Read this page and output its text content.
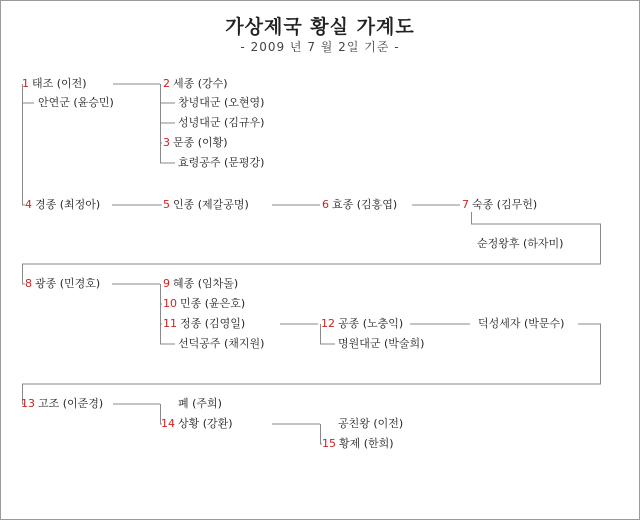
가상제국 황실 가계도
- 2009 년 7 월 2일 기준 -
1 태조 (이전)
안연군 (윤승민)
2 세종 (강수)
창녕대군 (오현영)
성녕대군 (김규우)
3 문종 (이황)
효령공주 (문평강)
4 경종 (최정아)	5 인종 (제갈공명)	6 효종 (김홍엽)	7 숙종 (김무헌)
순정왕후 (하자미)
8 광종 (민경호)	9 혜종 (임차돌)
10 민종 (윤은호)
11 정종 (김영일)
선덕공주 (채지원)
12 공종 (노충익)
명원대군 (박술희)
덕성세자 (박문수)
13 고조 (이준경)	폐 (주희)
14 상황 (강환)	공친왕 (이전)
15 황제 (한희)
